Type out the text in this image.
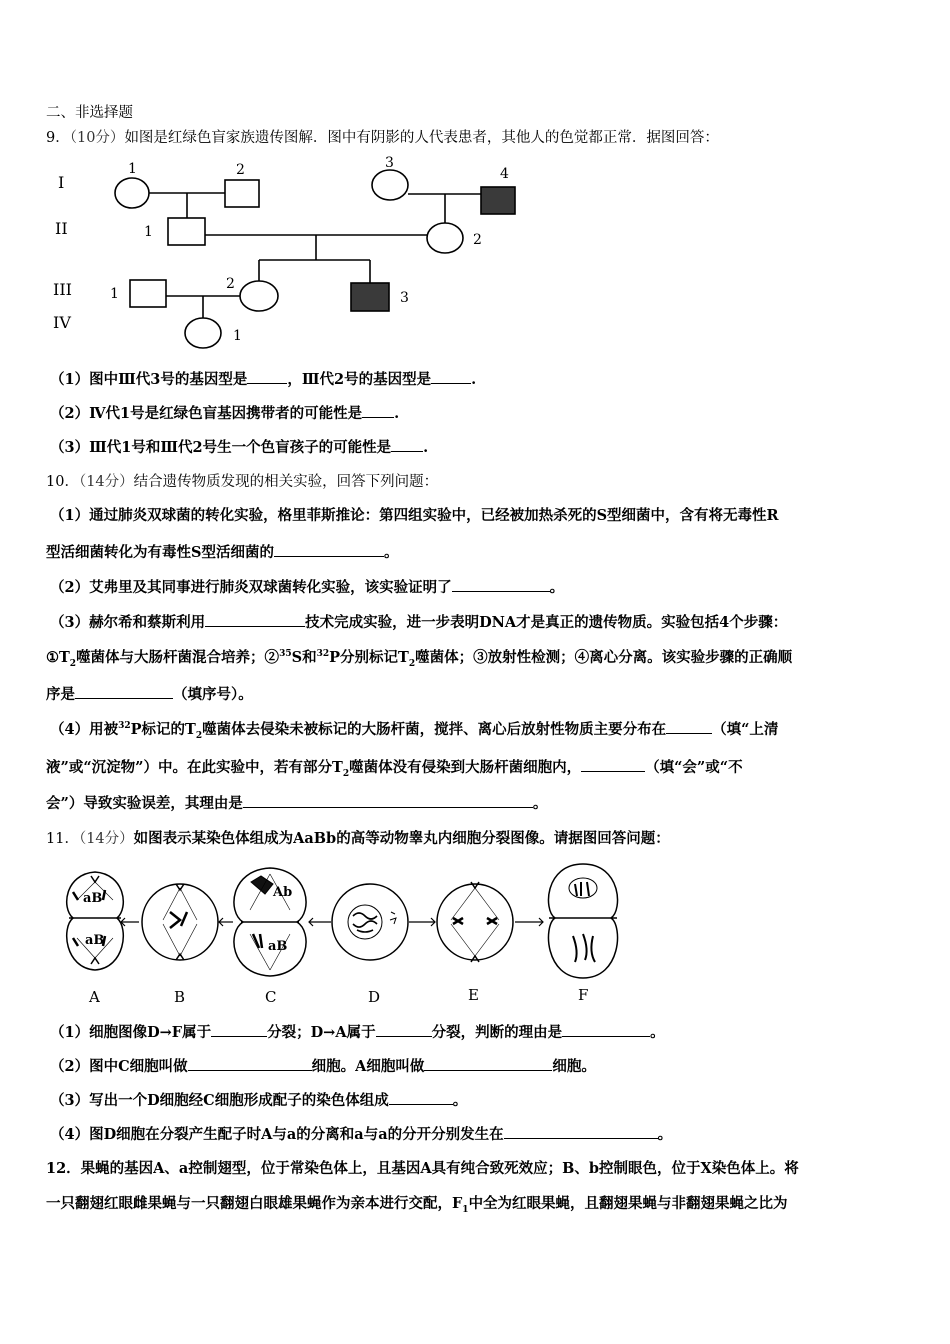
二、非选择题
9．（10分）如图是红绿色盲家族遗传图解．图中有阴影的人代表患者，其他人的色觉都正常．据图回答：
I
II
III
IV
1	2	3
4
1	2
1
2
3
1
（1）图中Ⅲ代3号的基因型是	，Ⅲ代2号的基因型是	.
（2）Ⅳ代1号是红绿色盲基因携带者的可能性是 .
（3）Ⅲ代1号和Ⅲ代2号生一个色盲孩子的可能性是 .
10．（14分）结合遗传物质发现的相关实验，回答下列问题：
（1）通过肺炎双球菌的转化实验，格里菲斯推论：第四组实验中，已经被加热杀死的S型细菌中，含有将无毒性R
型活细菌转化为有毒性S型活细菌的	。
（2）艾弗里及其同事进行肺炎双球菌转化实验，该实验证明了	。
（3）赫尔希和蔡斯利用	技术完成实验，进一步表明DNA才是真正的遗传物质。实验包括4个步骤：
$①T_2$噬菌体与大肠杆菌混合培养；②$^{35}$S和$^{32}$P分别标记$T_2$噬菌体；③放射性检测；④离心分离。该实验步骤的正确顺
序是	（填序号）。
（4）用被$^{32}$P标记的$T_2$噬菌体去侵染未被标记的大肠杆菌，搅拌、离心后放射性物质主要分布在	（填“上清
液”或“沉淀物”）中。在此实验中，若有部分$T_2$噬菌体没有侵染到大肠杆菌细胞内，	（填“会”或“不
会”）导致实验误差，其理由是	。
11．（14分）如图表示某染色体组成为AaBb的高等动物睾丸内细胞分裂图像。请据图回答问题：
aB
aB
Ab
aB
A	B	C	D	E	F
（1）细胞图像D→F属于	分裂；D→A属于	分裂，判断的理由是	。
（2）图中C细胞叫做	细胞。A细胞叫做	细胞。
（3）写出一个D细胞经C细胞形成配子的染色体组成	。
（4）图D细胞在分裂产生配子时A与a的分离和a与a的分开分别发生在	。
12．果蝇的基因A、a控制翅型，位于常染色体上，且基因A具有纯合致死效应；B、b控制眼色，位于X染色体上。将
一只翻翅红眼雌果蝇与一只翻翅白眼雄果蝇作为亲本进行交配，$F_1$中全为红眼果蝇，且翻翅果蝇与非翻翅果蝇之比为
